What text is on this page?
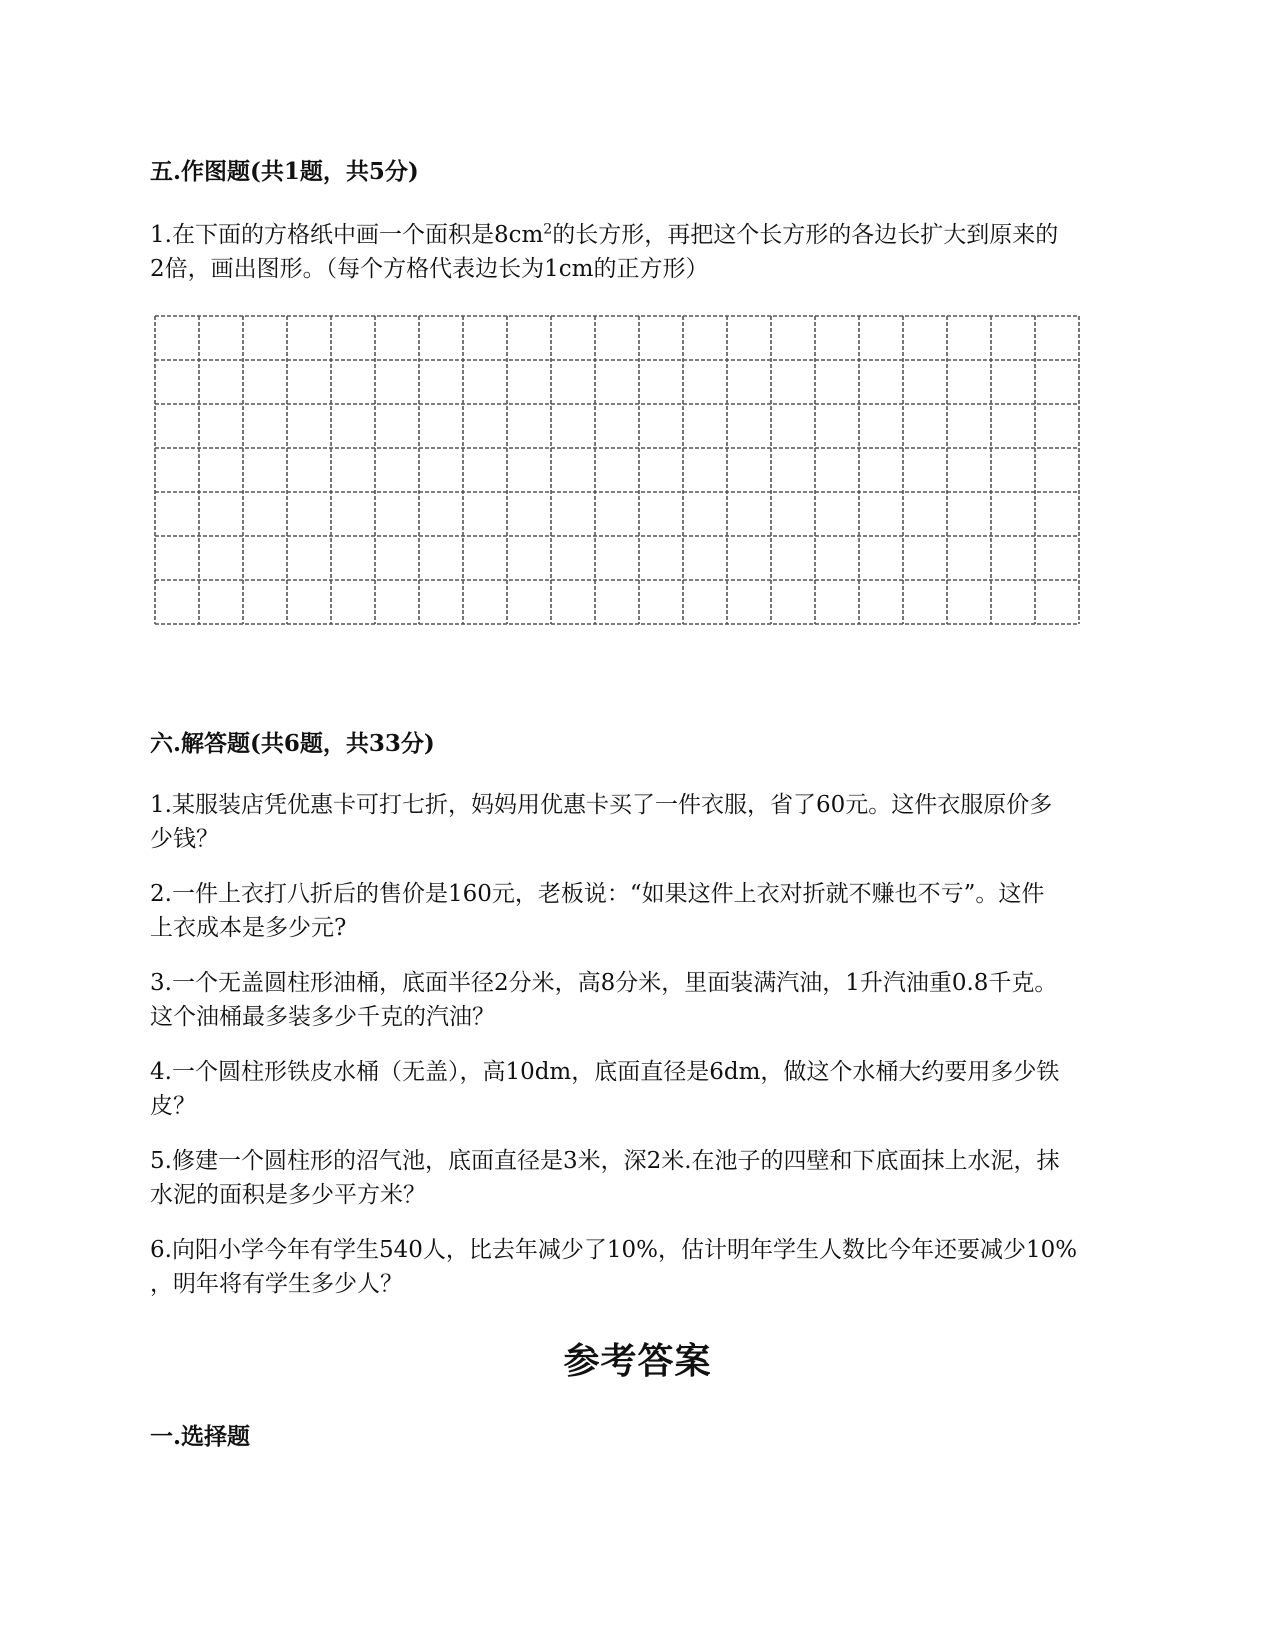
五.作图题(共1题，共5分)
1.在下面的方格纸中画一个面积是$8cm^2$的长方形，再把这个长方形的各边长扩大到原来的
2倍，画出图形。（每个方格代表边长为1cm的正方形）
六.解答题(共6题，共33分)
1.某服装店凭优惠卡可打七折，妈妈用优惠卡买了一件衣服，省了60元。这件衣服原价多
少钱？
2.一件上衣打八折后的售价是160元，老板说：“如果这件上衣对折就不赚也不亏”。这件
上衣成本是多少元?
3.一个无盖圆柱形油桶，底面半径2分米，高8分米，里面装满汽油，1升汽油重0.8千克。
这个油桶最多装多少千克的汽油？
4.一个圆柱形铁皮水桶（无盖），高10dm，底面直径是6dm，做这个水桶大约要用多少铁
皮？
5.修建一个圆柱形的沼气池，底面直径是3米，深2米.在池子的四壁和下底面抹上水泥，抹
水泥的面积是多少平方米？
6.向阳小学今年有学生540人，比去年减少了10%，估计明年学生人数比今年还要减少10%
，明年将有学生多少人？
参考答案
一.选择题
